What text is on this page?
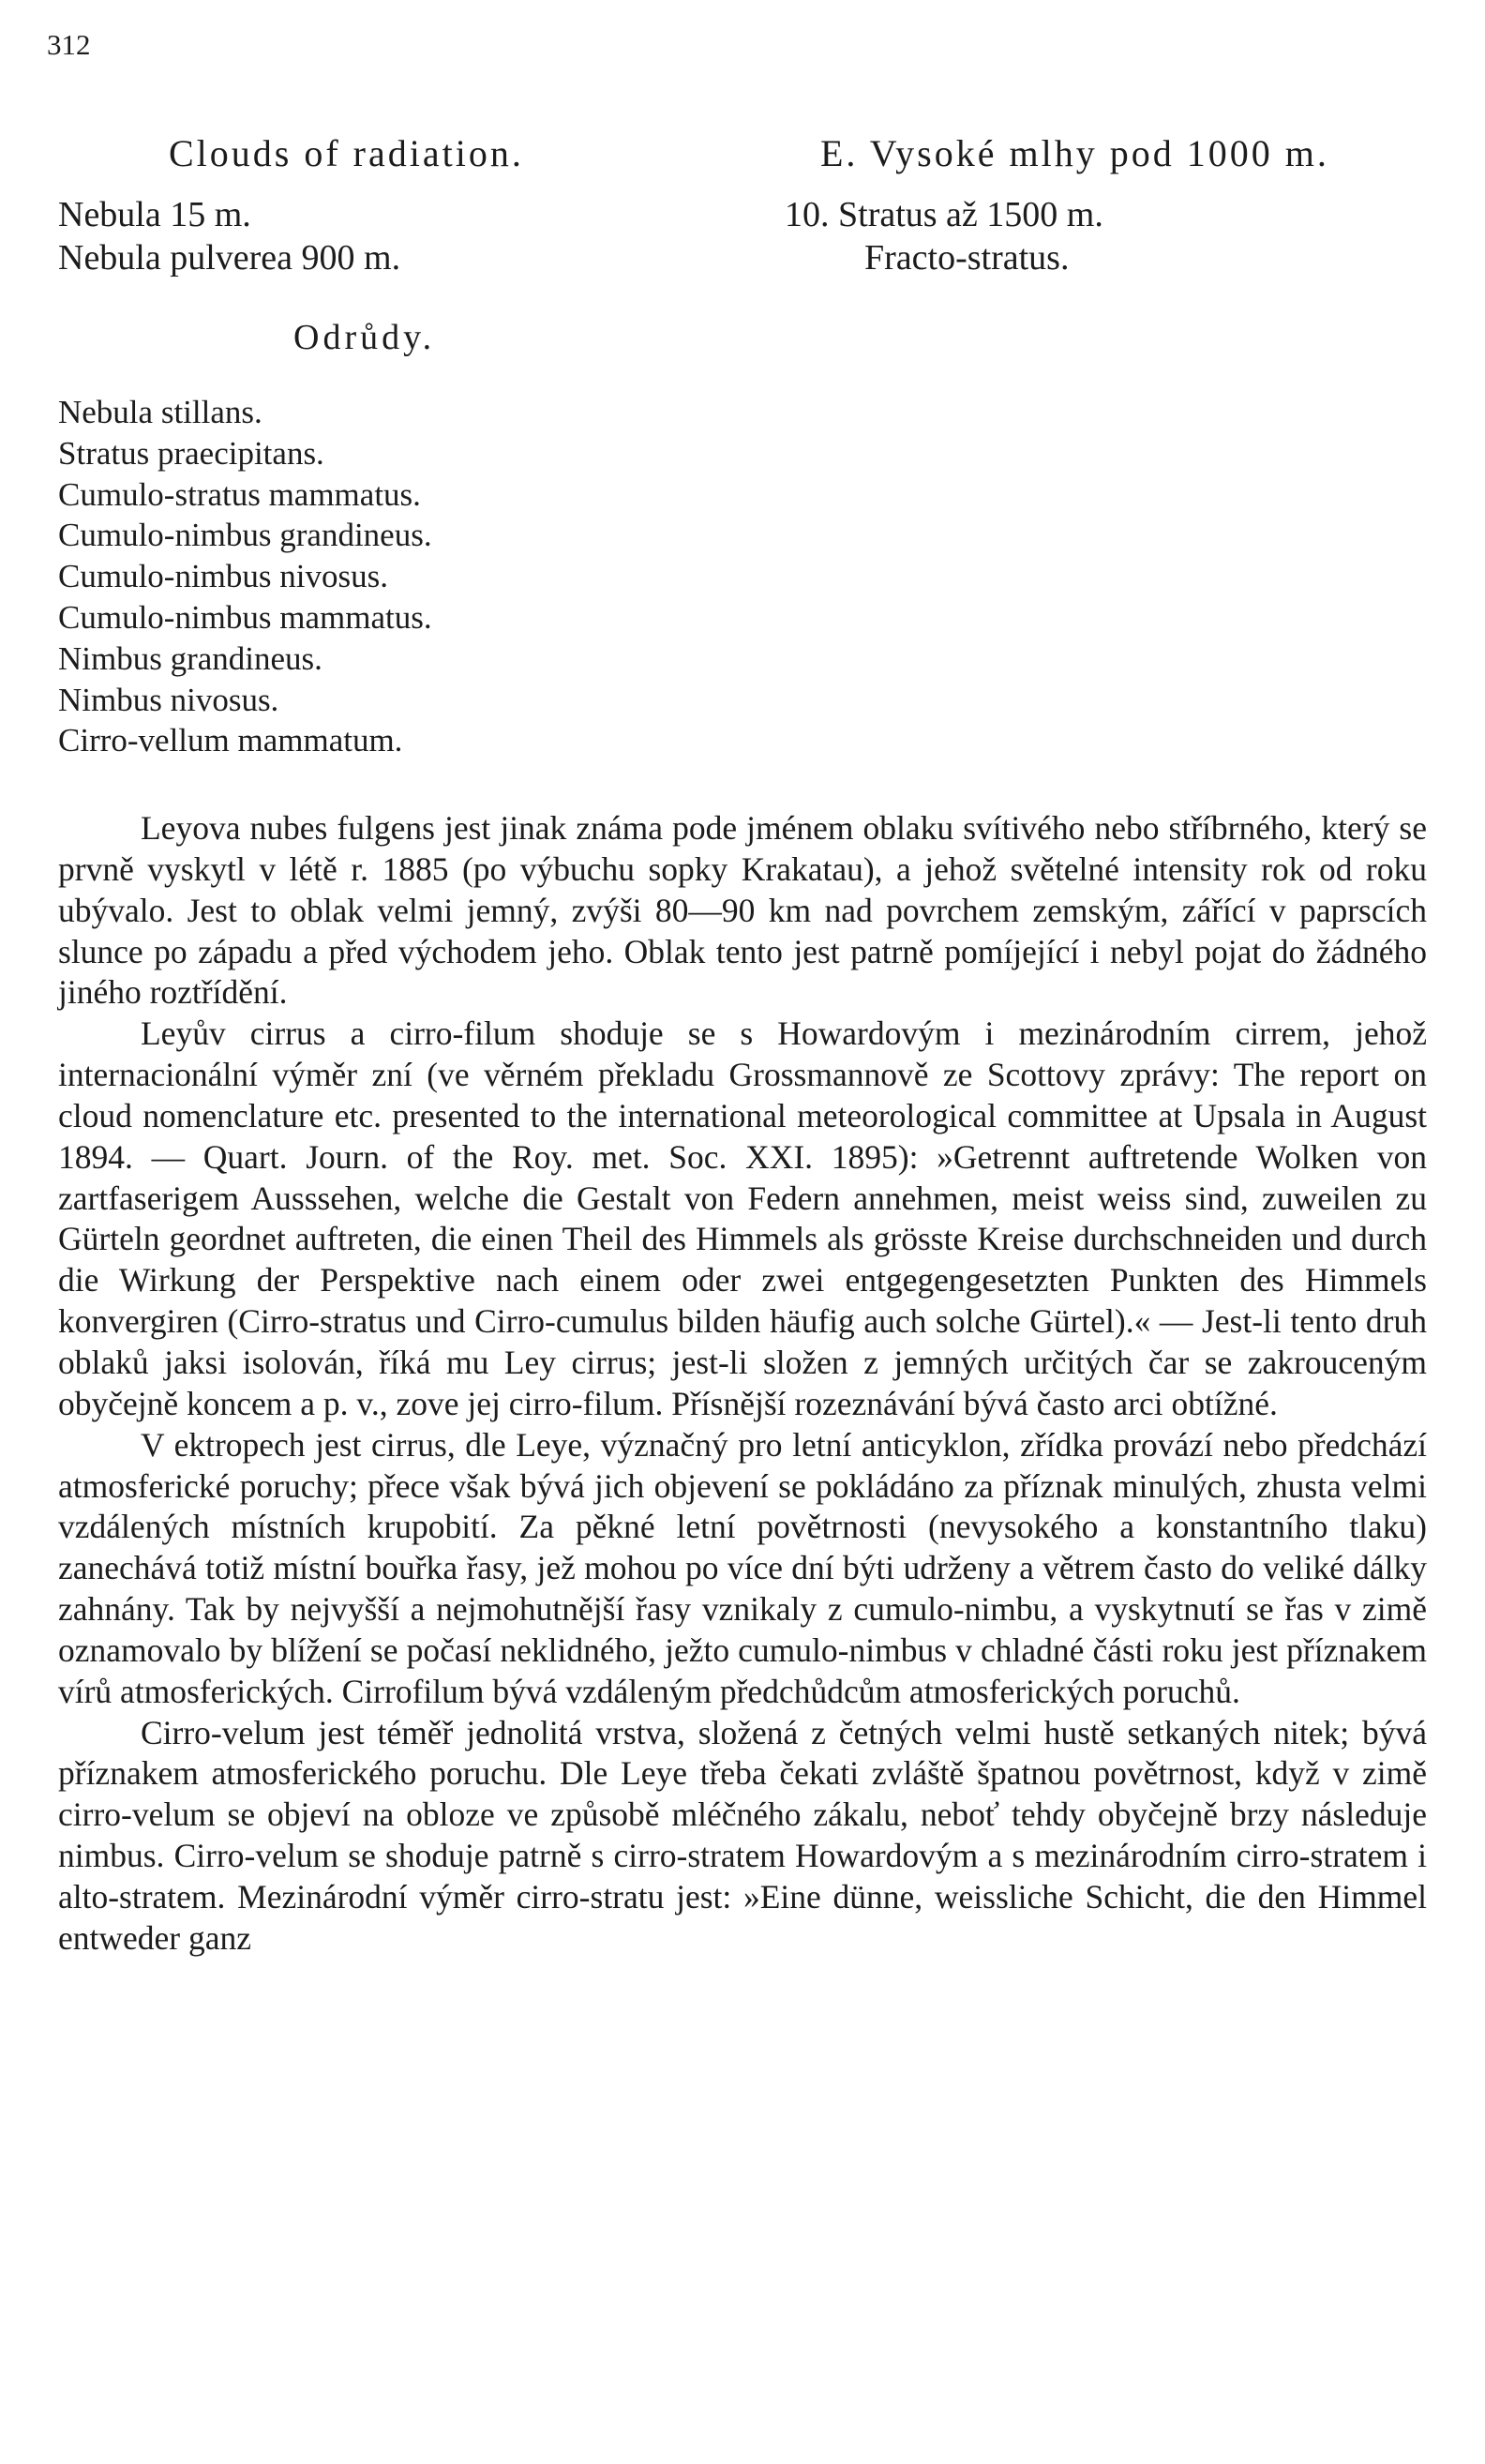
312
Clouds of radiation.	E. Vysoké mlhy pod 1000 m.
Nebula 15 m.
Nebula pulverea 900 m.
10. Stratus až 1500 m.
Fracto-stratus.
Odrůdy.
Nebula stillans.
Stratus praecipitans.
Cumulo-stratus mammatus.
Cumulo-nimbus grandineus.
Cumulo-nimbus nivosus.
Cumulo-nimbus mammatus.
Nimbus grandineus.
Nimbus nivosus.
Cirro-vellum mammatum.

Leyova nubes fulgens jest jinak známa pode jménem oblaku svítivého nebo stříbrného, který se prvně vyskytl v létě r. 1885 (po výbuchu sopky Krakatau), a jehož světelné intensity rok od roku ubývalo. Jest to oblak velmi jemný, zvýši 80—90 km nad povrchem zemským, zářící v paprscích slunce po západu a před východem jeho. Oblak tento jest patrně pomíjející i nebyl pojat do žádného jiného roztřídění.

Leyův cirrus a cirro-filum shoduje se s Howardovým i mezinárodním cirrem, jehož internacionální výměr zní (ve věrném překladu Grossmannově ze Scottovy zprávy: The report on cloud nomenclature etc. presented to the international meteorological committee at Upsala in August 1894. — Quart. Journ. of the Roy. met. Soc. XXI. 1895): »Getrennt auftretende Wolken von zartfaserigem Ausssehen, welche die Gestalt von Federn annehmen, meist weiss sind, zuweilen zu Gürteln geordnet auftreten, die einen Theil des Himmels als grösste Kreise durchschneiden und durch die Wirkung der Perspektive nach einem oder zwei entgegengesetzten Punkten des Himmels konvergiren (Cirro-stratus und Cirro-cumulus bilden häufig auch solche Gürtel).« — Jest-li tento druh oblaků jaksi isolován, říká mu Ley cirrus; jest-li složen z jemných určitých čar se zakrouceným obyčejně koncem a p. v., zove jej cirro-filum. Přísnější rozeznávání bývá často arci obtížné.

V ektropech jest cirrus, dle Leye, význačný pro letní anticyklon, zřídka provází nebo předchází atmosferické poruchy; přece však bývá jich objevení se pokládáno za příznak minulých, zhusta velmi vzdálených místních krupobití. Za pěkné letní povětrnosti (nevysokého a konstantního tlaku) zanechává totiž místní bouřka řasy, jež mohou po více dní býti udrženy a větrem často do veliké dálky zahnány. Tak by nejvyšší a nejmohutnější řasy vznikaly z cumulo-nimbu, a vyskytnutí se řas v zimě oznamovalo by blížení se počasí neklidného, ježto cumulo-nimbus v chladné části roku jest příznakem vírů atmosferických. Cirrofilum bývá vzdáleným předchůdcům atmosferických poruchů.

Cirro-velum jest téměř jednolitá vrstva, složená z četných velmi hustě setkaných nitek; bývá příznakem atmosferického poruchu. Dle Leye třeba čekati zvláště špatnou povětrnost, když v zimě cirro-velum se objeví na obloze ve způsobě mléčného zákalu, neboť tehdy obyčejně brzy následuje nimbus. Cirro-velum se shoduje patrně s cirro-stratem Howardovým a s mezinárodním cirro-stratem i alto-stratem. Mezinárodní výměr cirro-stratu jest: »Eine dünne, weissliche Schicht, die den Himmel entweder ganz
